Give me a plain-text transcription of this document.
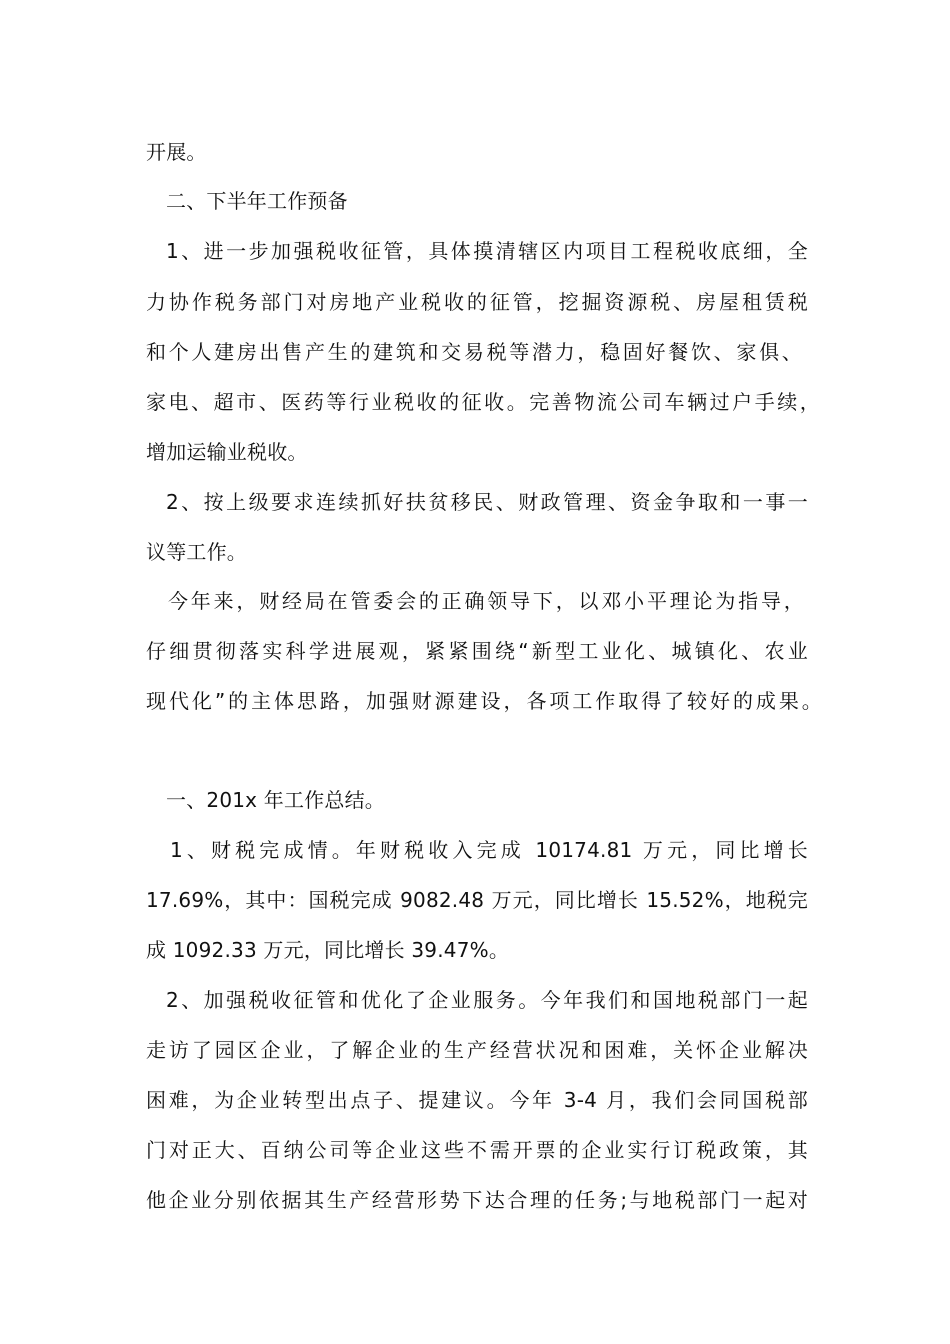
开展。
二、下半年工作预备
1、进一步加强税收征管，具体摸清辖区内项目工程税收底细，全
力协作税务部门对房地产业税收的征管，挖掘资源税、房屋租赁税
和个人建房出售产生的建筑和交易税等潜力，稳固好餐饮、家俱、
家电、超市、医药等行业税收的征收。完善物流公司车辆过户手续，
增加运输业税收。
2、按上级要求连续抓好扶贫移民、财政管理、资金争取和一事一
议等工作。
今年来，财经局在管委会的正确领导下，以邓小平理论为指导，
仔细贯彻落实科学进展观，紧紧围绕“新型工业化、城镇化、农业
现代化”的主体思路，加强财源建设，各项工作取得了较好的成果。
一、201x 年工作总结。
1、财税完成情。年财税收入完成 10174.81 万元，同比增长
17.69%，其中：国税完成 9082.48 万元，同比增长 15.52%，地税完
成 1092.33 万元，同比增长 39.47%。
2、加强税收征管和优化了企业服务。今年我们和国地税部门一起
走访了园区企业，了解企业的生产经营状况和困难，关怀企业解决
困难，为企业转型出点子、提建议。今年 3-4 月，我们会同国税部
门对正大、百纳公司等企业这些不需开票的企业实行订税政策，其
他企业分别依据其生产经营形势下达合理的任务;与地税部门一起对
